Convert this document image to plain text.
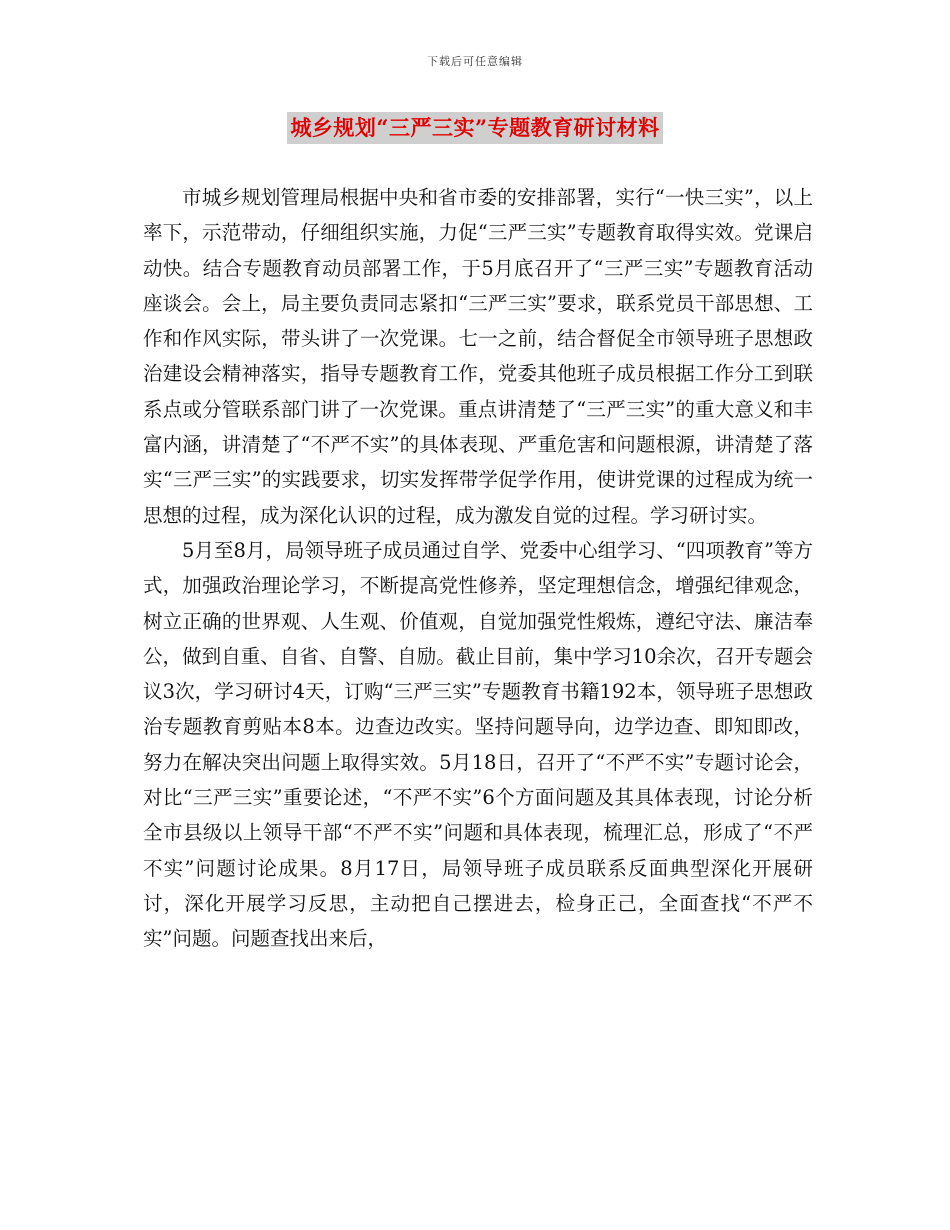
下载后可任意编辑
城乡规划“三严三实”专题教育研讨材料

市城乡规划管理局根据中央和省市委的安排部署，实行“一快三实”，以上率下，示范带动，仔细组织实施，力促“三严三实”专题教育取得实效。党课启动快。结合专题教育动员部署工作，于5月底召开了“三严三实”专题教育活动座谈会。会上，局主要负责同志紧扣“三严三实”要求，联系党员干部思想、工作和作风实际，带头讲了一次党课。七一之前，结合督促全市领导班子思想政治建设会精神落实，指导专题教育工作，党委其他班子成员根据工作分工到联系点或分管联系部门讲了一次党课。重点讲清楚了“三严三实”的重大意义和丰富内涵，讲清楚了“不严不实”的具体表现、严重危害和问题根源，讲清楚了落实“三严三实”的实践要求，切实发挥带学促学作用，使讲党课的过程成为统一思想的过程，成为深化认识的过程，成为激发自觉的过程。学习研讨实。

5月至8月，局领导班子成员通过自学、党委中心组学习、“四项教育”等方式，加强政治理论学习，不断提高党性修养，坚定理想信念，增强纪律观念，树立正确的世界观、人生观、价值观，自觉加强党性煅炼，遵纪守法、廉洁奉公，做到自重、自省、自警、自励。截止目前，集中学习10余次，召开专题会议3次，学习研讨4天，订购“三严三实”专题教育书籍192本，领导班子思想政治专题教育剪贴本8本。边查边改实。坚持问题导向，边学边查、即知即改，努力在解决突出问题上取得实效。5月18日，召开了“不严不实”专题讨论会，对比“三严三实”重要论述，“不严不实”6个方面问题及其具体表现，讨论分析全市县级以上领导干部“不严不实”问题和具体表现，梳理汇总，形成了“不严不实”问题讨论成果。8月17日，局领导班子成员联系反面典型深化开展研讨，深化开展学习反思，主动把自己摆进去，检身正己，全面查找“不严不实”问题。问题查找出来后，
